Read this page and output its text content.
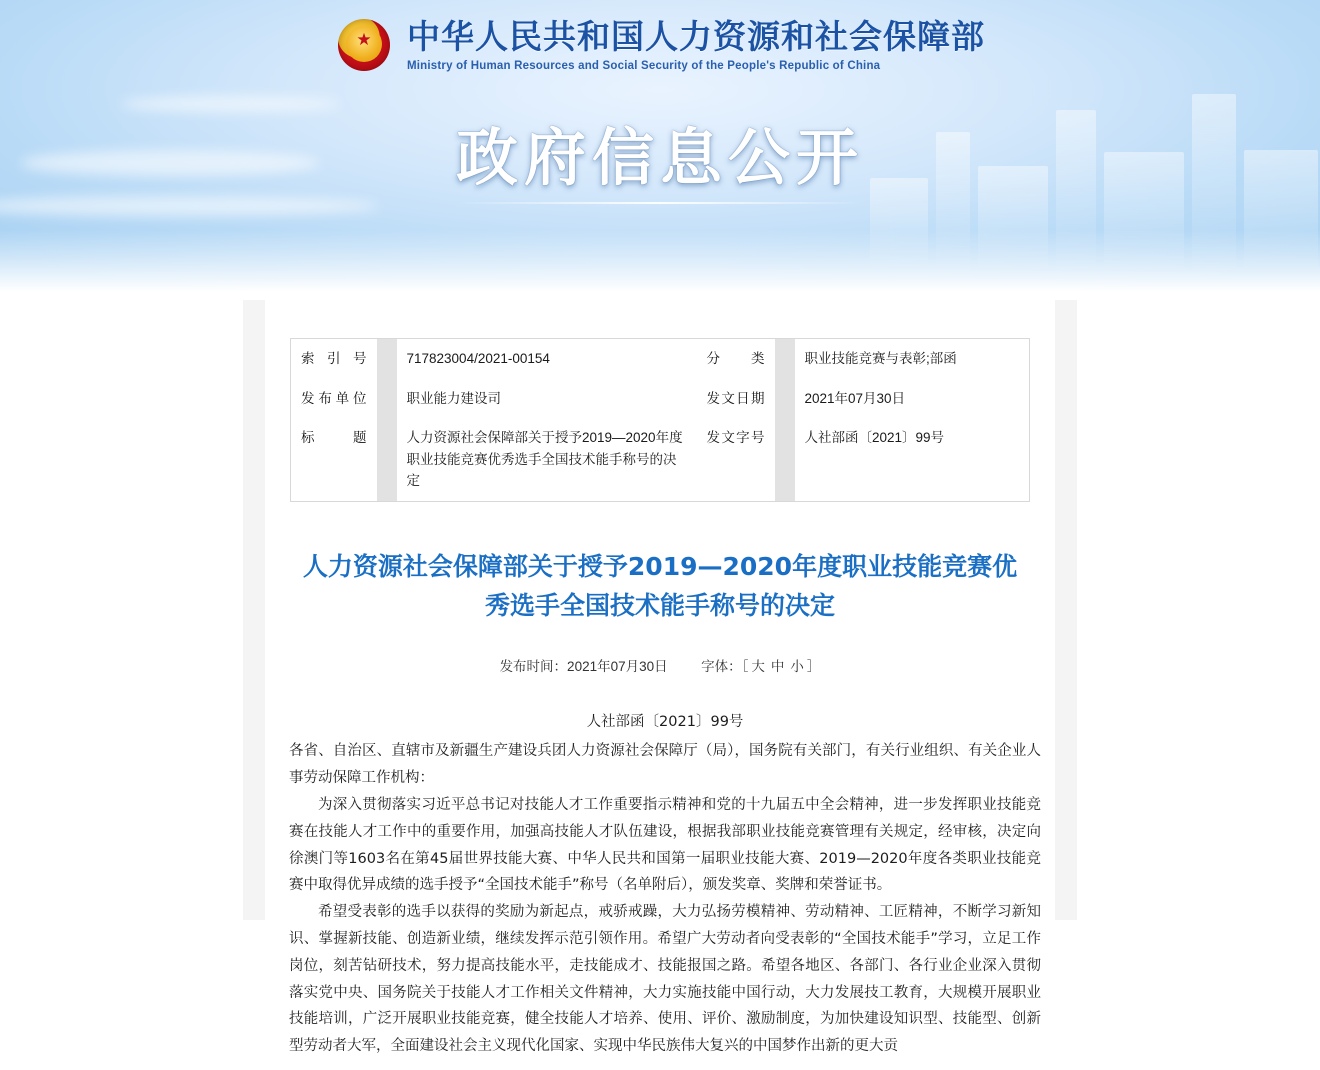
★ 中华人民共和国人力资源和社会保障部
Ministry of Human Resources and Social Security of the People's Republic of China
政府信息公开
索 引 号		717823004/2021-00154	分 类		职业技能竞赛与表彰;部函
发布单位		职业能力建设司	发文日期		2021年07月30日
标 题		人力资源社会保障部关于授予2019—2020年度职业技能竞赛优秀选手全国技术能手称号的决定	发文字号		人社部函〔2021〕99号
人力资源社会保障部关于授予2019—2020年度职业技能竞赛优秀选手全国技术能手称号的决定
发布时间：2021年07月30日 字体：［ 大 中 小 ］

人社部函〔2021〕99号

各省、自治区、直辖市及新疆生产建设兵团人力资源社会保障厅（局），国务院有关部门，有关行业组织、有关企业人事劳动保障工作机构：

为深入贯彻落实习近平总书记对技能人才工作重要指示精神和党的十九届五中全会精神，进一步发挥职业技能竞赛在技能人才工作中的重要作用，加强高技能人才队伍建设，根据我部职业技能竞赛管理有关规定，经审核，决定向徐澳门等1603名在第45届世界技能大赛、中华人民共和国第一届职业技能大赛、2019—2020年度各类职业技能竞赛中取得优异成绩的选手授予“全国技术能手”称号（名单附后），颁发奖章、奖牌和荣誉证书。

希望受表彰的选手以获得的奖励为新起点，戒骄戒躁，大力弘扬劳模精神、劳动精神、工匠精神，不断学习新知识、掌握新技能、创造新业绩，继续发挥示范引领作用。希望广大劳动者向受表彰的“全国技术能手”学习，立足工作岗位，刻苦钻研技术，努力提高技能水平，走技能成才、技能报国之路。希望各地区、各部门、各行业企业深入贯彻落实党中央、国务院关于技能人才工作相关文件精神，大力实施技能中国行动，大力发展技工教育，大规模开展职业技能培训，广泛开展职业技能竞赛，健全技能人才培养、使用、评价、激励制度，为加快建设知识型、技能型、创新型劳动者大军，全面建设社会主义现代化国家、实现中华民族伟大复兴的中国梦作出新的更大贡
